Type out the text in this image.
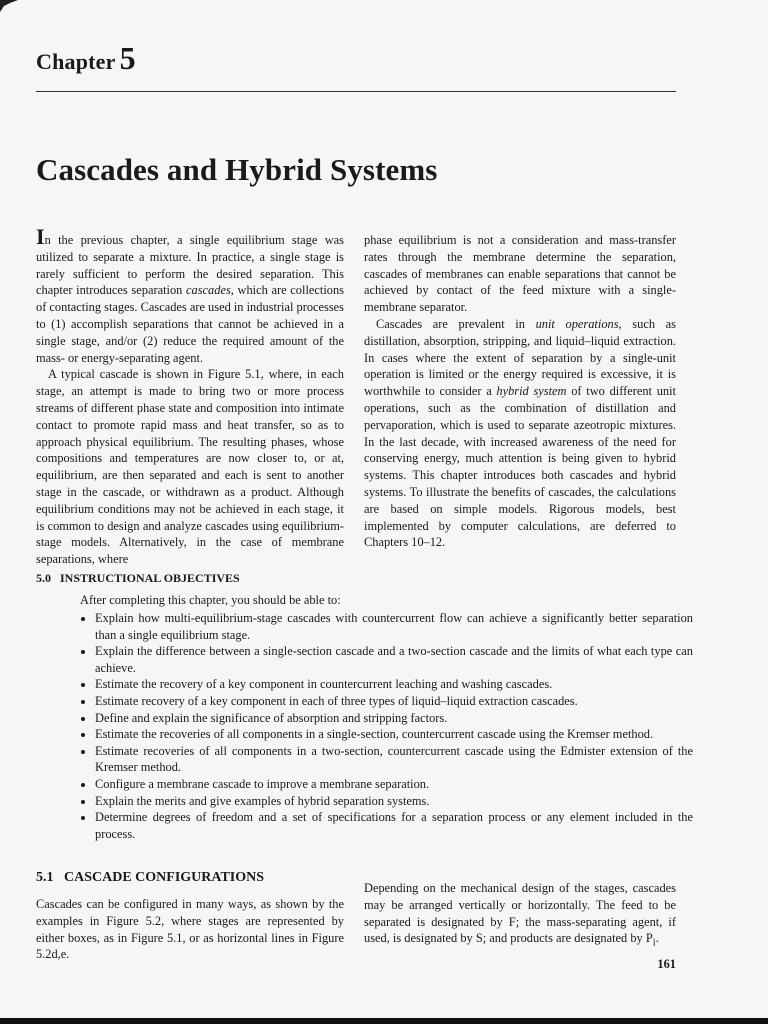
Chapter 5
Cascades and Hybrid Systems

In the previous chapter, a single equilibrium stage was utilized to separate a mixture. In practice, a single stage is rarely sufficient to perform the desired separation. This chapter introduces separation cascades, which are collections of contacting stages. Cascades are used in industrial processes to (1) accomplish separations that cannot be achieved in a single stage, and/or (2) reduce the required amount of the mass- or energy-separating agent.

A typical cascade is shown in Figure 5.1, where, in each stage, an attempt is made to bring two or more process streams of different phase state and composition into intimate contact to promote rapid mass and heat transfer, so as to approach physical equilibrium. The resulting phases, whose compositions and temperatures are now closer to, or at, equilibrium, are then separated and each is sent to another stage in the cascade, or withdrawn as a product. Although equilibrium conditions may not be achieved in each stage, it is common to design and analyze cascades using equilibrium-stage models. Alternatively, in the case of membrane separations, where

phase equilibrium is not a consideration and mass-transfer rates through the membrane determine the separation, cascades of membranes can enable separations that cannot be achieved by contact of the feed mixture with a single-membrane separator.

Cascades are prevalent in unit operations, such as distillation, absorption, stripping, and liquid–liquid extraction. In cases where the extent of separation by a single-unit operation is limited or the energy required is excessive, it is worthwhile to consider a hybrid system of two different unit operations, such as the combination of distillation and pervaporation, which is used to separate azeotropic mixtures. In the last decade, with increased awareness of the need for conserving energy, much attention is being given to hybrid systems. This chapter introduces both cascades and hybrid systems. To illustrate the benefits of cascades, the calculations are based on simple models. Rigorous models, best implemented by computer calculations, are deferred to Chapters 10–12.

5.0   INSTRUCTIONAL OBJECTIVES
After completing this chapter, you should be able to:
• Explain how multi-equilibrium-stage cascades with countercurrent flow can achieve a significantly better separation than a single equilibrium stage.
• Explain the difference between a single-section cascade and a two-section cascade and the limits of what each type can achieve.
• Estimate the recovery of a key component in countercurrent leaching and washing cascades.
• Estimate recovery of a key component in each of three types of liquid–liquid extraction cascades.
• Define and explain the significance of absorption and stripping factors.
• Estimate the recoveries of all components in a single-section, countercurrent cascade using the Kremser method.
• Estimate recoveries of all components in a two-section, countercurrent cascade using the Edmister extension of the Kremser method.
• Configure a membrane cascade to improve a membrane separation.
• Explain the merits and give examples of hybrid separation systems.
• Determine degrees of freedom and a set of specifications for a separation process or any element included in the process.
5.1   CASCADE CONFIGURATIONS

Cascades can be configured in many ways, as shown by the examples in Figure 5.2, where stages are represented by either boxes, as in Figure 5.1, or as horizontal lines in Figure 5.2d,e.

Depending on the mechanical design of the stages, cascades may be arranged vertically or horizontally. The feed to be separated is designated by F; the mass-separating agent, if used, is designated by S; and products are designated by $P_i$.

161
